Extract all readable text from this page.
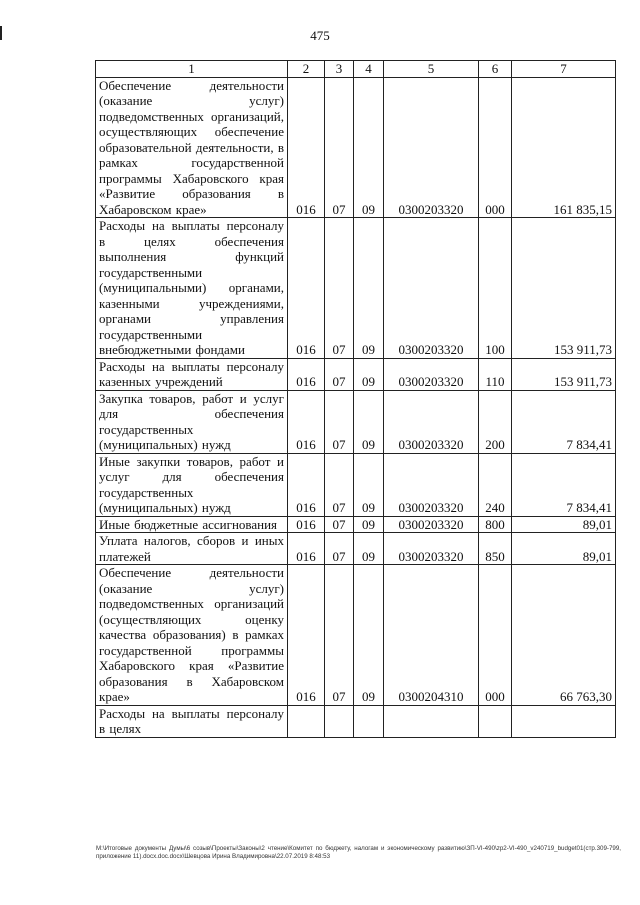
475
1	2	3	4	5	6	7
Обеспечение деятельности (оказание услуг) подведомственных организаций, осуществляющих обеспечение образовательной деятельности, в рамках государственной программы Хабаровского края «Развитие образования в Хабаровском крае»	016	07	09	0300203320	000	161 835,15
Расходы на выплаты персоналу в целях обеспечения выполнения функций государственными (муниципальными) органами, казенными учреждениями, органами управления государственными внебюджетными фондами	016	07	09	0300203320	100	153 911,73
Расходы на выплаты персоналу казенных учреждений	016	07	09	0300203320	110	153 911,73
Закупка товаров, работ и услуг для обеспечения государственных (муниципальных) нужд	016	07	09	0300203320	200	7 834,41
Иные закупки товаров, работ и услуг для обеспечения государственных (муниципальных) нужд	016	07	09	0300203320	240	7 834,41
Иные бюджетные ассигнования	016	07	09	0300203320	800	89,01
Уплата налогов, сборов и иных платежей	016	07	09	0300203320	850	89,01
Обеспечение деятельности (оказание услуг) подведомственных организаций (осуществляющих оценку качества образования) в рамках государственной программы Хабаровского края «Развитие образования в Хабаровском крае»	016	07	09	0300204310	000	66 763,30
Расходы на выплаты персоналу в целях						
М:\Итоговые документы Думы\6 созыв\Проекты\Законы\2 чтение\Комитет по бюджету, налогам и экономическому развитию\ЗП-VI-490\zp2-VI-490_v240719_budget01(стр.309-799, приложение 11).docx.doc.docx\Шевцова Ирина Владимировна\22.07.2019 8:48:53
